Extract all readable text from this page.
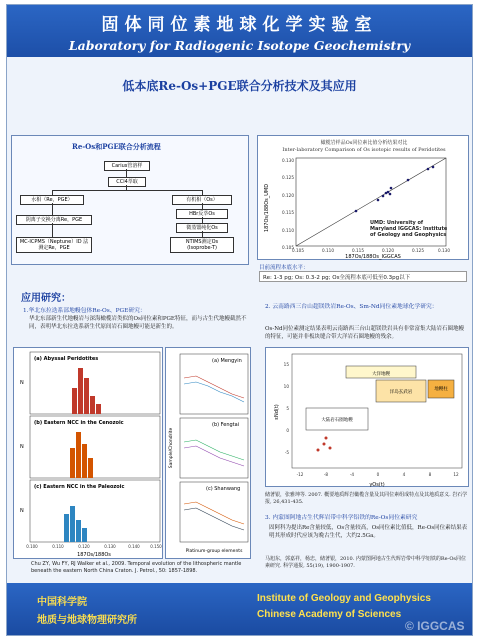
固体同位素地球化学实验室
Laboratory for Radiogenic Isotope Geochemistry
低本底Re-Os+PGE联合分析技术及其应用
Re-Os和PGE联合分析流程
Carius管溶样
CCl4萃取
水相（Re，PGE）	有机相（Os）
阴离子交换分离Re，PGE
HBr反萃Os
微蒸馏纯化Os
MC-ICPMS（Neptune）ID 法测定Re，PGE
NTIMS测定Os (Isoprobe-T)
橄榄岩样品Os同位素比值分析结果对比
Inter-laboratory Comparison of Os isotopic results of Peridotites
187Os/188Os_IGGCAS
187Os/188Os_UMD
0.105
0.110
0.115
0.120
0.125
0.130
0.105	0.110	0.115	0.120	0.125	0.130
UMD: University of Maryland IGGCAS: Institute of Geology and Geophysics
目前流程本底水平：
Re: 1-3 pg; Os: 0.3-2 pg; Os全流程本底可低至0.3pg以下
应用研究：
1.华北东拉迭系部地幔包体Re-Os、PGE研究：
华北东部新生代地幔岩与深海橄榄岩类似的Os同位素和PGE特征，而与古生代地幔截然不同，表明华北东拉迭系新生代原间岩石圈地幔可能是新生的。
2. 云南路西三台山超镁铁岩Re-Os、Sm-Nd同位素地球化学研究：
Os-Nd同位素测定结果表明云南路西三台山超镁铁岩具有非常富集大陆岩石圈地幔的特征，可能并非板块缝合带大洋岩石圈地幔的残余。
(a) Abyssal Peridotites
(b) Eastern NCC in the Cenozoic
(c) Eastern NCC in the Paleozoic
N
N
N
0.100	0.110	0.120	0.130	0.140	0.150
187Os/188Os
(a) Mengyin
(b) Fengtai
(c) Shanwang
Sample/Chondrite
Platinum-group elements
Chu ZY, Wu FY, RJ Walker et al., 2009. Temporal evolution of the lithospheric mantle beneath the eastern North China Craton. J. Petrol., 50: 1857-1898.
大洋地幔
洋岛玄武岩
地幔柱
大陆岩石圈地幔
εNd(t)
γOs(t)
-12	-8	-4	0	4	8	12
-5
0
5
10
15
储著银，张雅坤等. 2007. 概要地质辉岩橄榄含量及其同位素组成特点及其地质意义. 岩石学报, 26,431-435.
3. 内蒙图阿地古生代辉岩带中科学铝铁的Re-Os同位素研究
固阿科为提出Re含量较低，Os含量较高，Os同位素比值低，Re-Os同位素结果表明其形成时代应该为晚古生代，大约2.5Ga。
马旭东，郭嘉祥，杨忠，储著银，2010. 内蒙图阿地古生代辉岩带中科学铝铁的Re-Os同位素研究. 科学通报, 55(19), 1900-1907.
中国科学院
地质与地球物理研究所
Institute of Geology and Geophysics
Chinese Academy of Sciences
© IGGCAS
